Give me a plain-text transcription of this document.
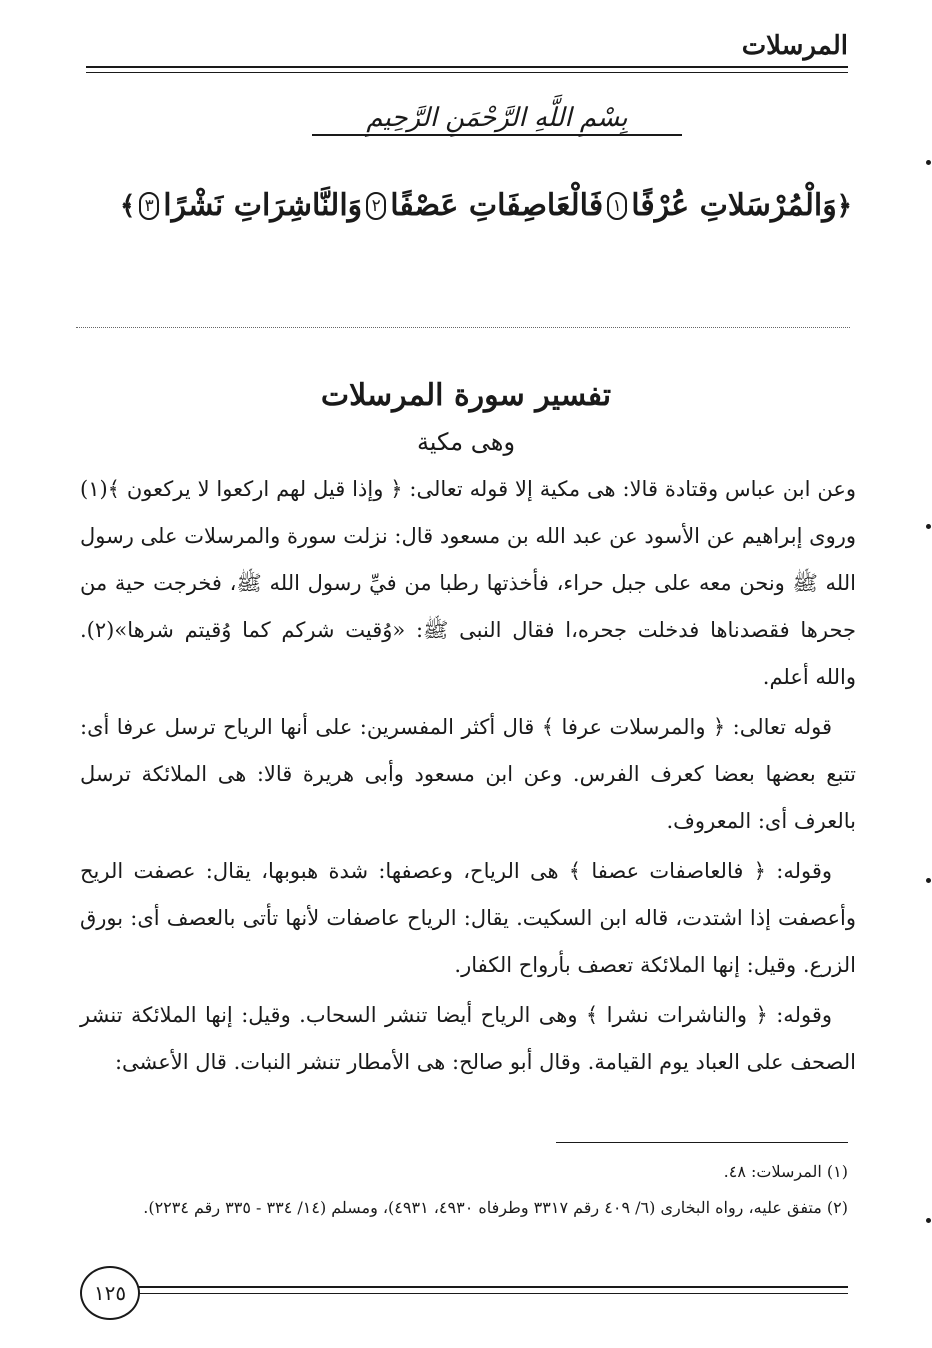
المرسلات
بِسْمِ اللَّهِ الرَّحْمَنِ الرَّحِيمِ
﴿
وَالْمُرْسَلاتِ عُرْفًا
١
فَالْعَاصِفَاتِ عَصْفًا
٢
وَالنَّاشِرَاتِ نَشْرًا
٣
﴾
تفسير سورة المرسلات
وهى مكية

وعن ابن عباس وقتادة قالا: هى مكية إلا قوله تعالى: ﴿ وإذا قيل لهم اركعوا لا يركعون ﴾(١) وروى إبراهيم عن الأسود عن عبد الله بن مسعود قال: نزلت سورة والمرسلات على رسول الله ﷺ ونحن معه على جبل حراء، فأخذتها رطبا من فيِّ رسول الله ﷺ، فخرجت حية من جحرها فقصدناها فدخلت جحره،ا فقال النبى ﷺ: «وُقيت شركم كما وُقيتم شرها»(٢). والله أعلم.

قوله تعالى: ﴿ والمرسلات عرفا ﴾ قال أكثر المفسرين: على أنها الرياح ترسل عرفا أى: تتبع بعضها بعضا كعرف الفرس. وعن ابن مسعود وأبى هريرة قالا: هى الملائكة ترسل بالعرف أى: المعروف.

وقوله: ﴿ فالعاصفات عصفا ﴾ هى الرياح، وعصفها: شدة هبوبها، يقال: عصفت الريح وأعصفت إذا اشتدت، قاله ابن السكيت. يقال: الرياح عاصفات لأنها تأتى بالعصف أى: بورق الزرع. وقيل: إنها الملائكة تعصف بأرواح الكفار.

وقوله: ﴿ والناشرات نشرا ﴾ وهى الرياح أيضا تنشر السحاب. وقيل: إنها الملائكة تنشر الصحف على العباد يوم القيامة. وقال أبو صالح: هى الأمطار تنشر النبات. قال الأعشى:

(١) المرسلات: ٤٨.

(٢) متفق عليه، رواه البخارى (٦/ ٤٠٩ رقم ٣٣١٧ وطرفاه ٤٩٣٠، ٤٩٣١)، ومسلم (١٤/ ٣٣٤ - ٣٣٥ رقم ٢٢٣٤).

١٢٥
